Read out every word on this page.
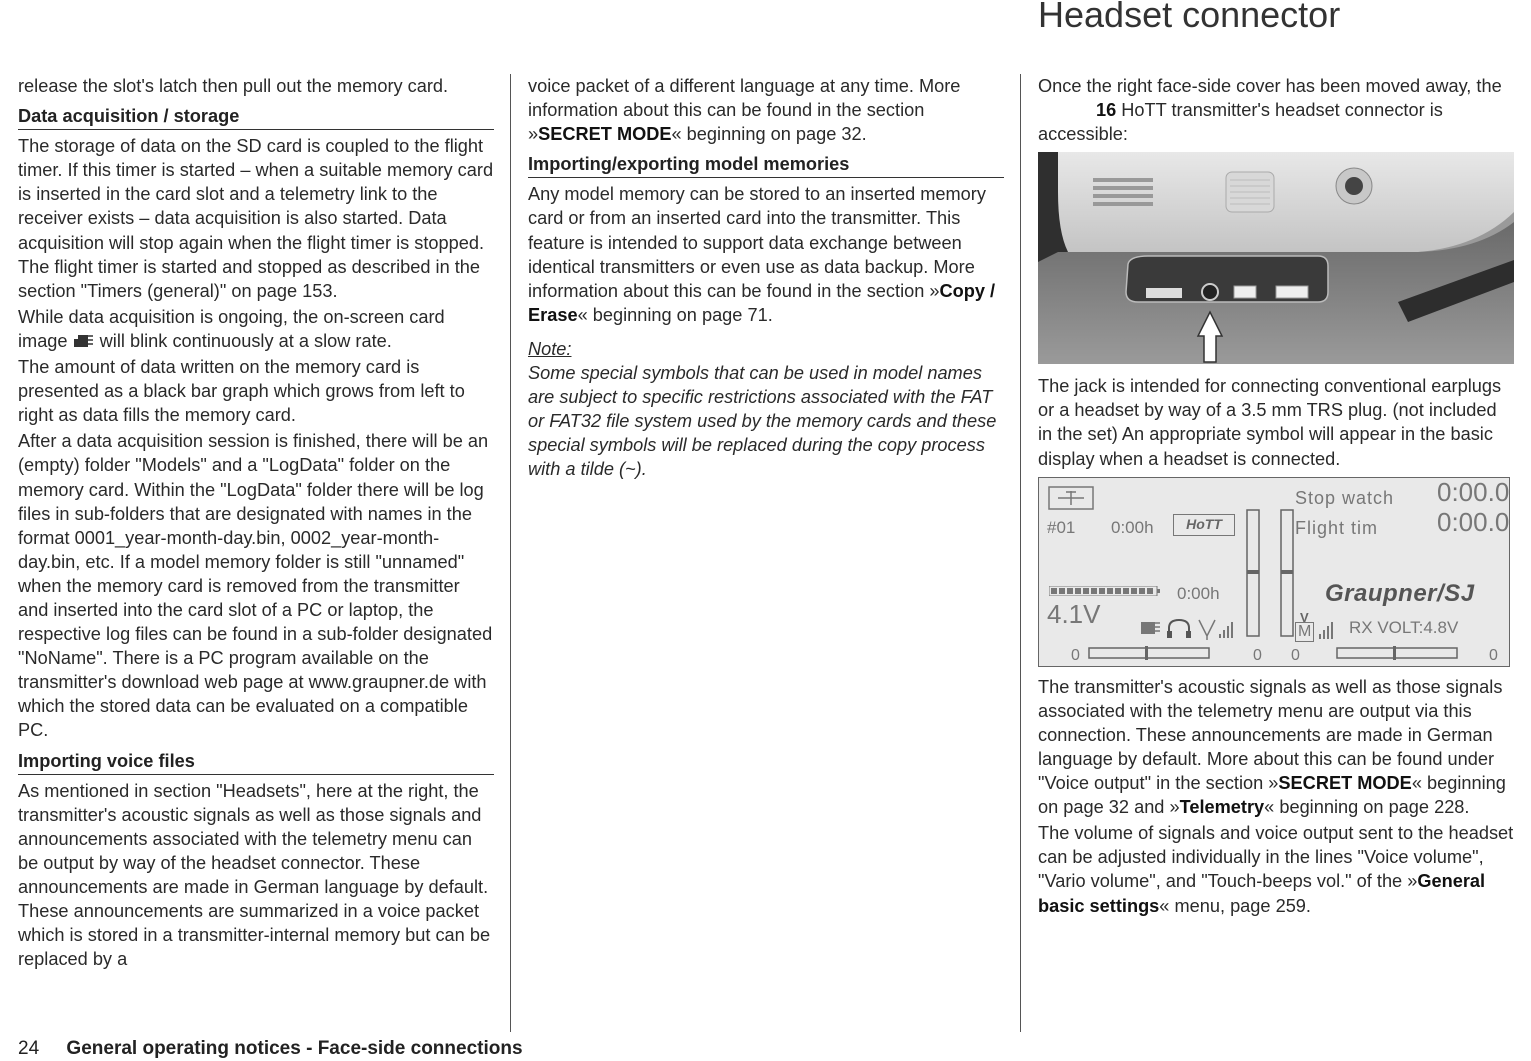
Headset connector

release the slot's latch then pull out the memory card.

Data acquisition / storage

The storage of data on the SD card is coupled to the flight timer. If this timer is started – when a suitable memory card is inserted in the card slot and a telemetry link to the receiver exists – data acquisition is also started. Data acquisition will stop again when the flight timer is stopped. The flight timer is started and stopped as described in the section "Timers (general)" on page 153.

While data acquisition is ongoing, the on-screen card image will blink continuously at a slow rate.

The amount of data written on the memory card is presented as a black bar graph which grows from left to right as data fills the memory card.

After a data acquisition session is finished, there will be an (empty) folder "Models" and a "LogData" folder on the memory card. Within the "LogData" folder there will be log files in sub-folders that are designated with names in the format 0001_year-month-day.bin, 0002_year-month-day.bin, etc. If a model memory folder is still "unnamed" when the memory card is removed from the transmitter and inserted into the card slot of a PC or laptop, the respective log files can be found in a sub-folder designated "NoName". There is a PC program available on the transmitter's download web page at www.graupner.de with which the stored data can be evaluated on a compatible PC.

Importing voice files

As mentioned in section "Headsets", here at the right, the transmitter's acoustic signals as well as those signals and announcements associated with the telemetry menu can be output by way of the headset connector. These announcements are made in German language by default. These announcements are summarized in a voice packet which is stored in a transmitter-internal memory but can be replaced by a

voice packet of a different language at any time. More information about this can be found in the section »SECRET MODE« beginning on page 32.

Importing/exporting model memories

Any model memory can be stored to an inserted memory card or from an inserted card into the transmitter. This feature is intended to support data exchange between identical transmitters or even use as data backup. More information about this can be found in the section »Copy / Erase« beginning on page 71.

Note:
Some special symbols that can be used in model names are subject to specific restrictions associated with the FAT or FAT32 file system used by the memory cards and these special symbols will be replaced during the copy process with a tilde (~).

Once the right face-side cover has been moved away, the16 HoTT transmitter's headset connector is accessible:

The jack is intended for connecting conventional earplugs or a headset by way of a 3.5 mm TRS plug. (not included in the set) An appropriate symbol will appear in the basic display when a headset is connected.

#01 0:00h	HoTT
Stop watch 0:00.0
Flight tim 0:00.0
0:00h
4.1V	V
M
Graupner/SJ
RX VOLT:4.8V
0	0 0	0

The transmitter's acoustic signals as well as those signals associated with the telemetry menu are output via this connection. These announcements are made in German language by default. More about this can be found under "Voice output" in the section »SECRET MODE« beginning on page 32 and »Telemetry« beginning on page 228.

The volume of signals and voice output sent to the headset can be adjusted individually in the lines "Voice volume", "Vario volume", and "Touch-beeps vol." of the »General basic settings« menu, page 259.

24 General operating notices - Face-side connections
